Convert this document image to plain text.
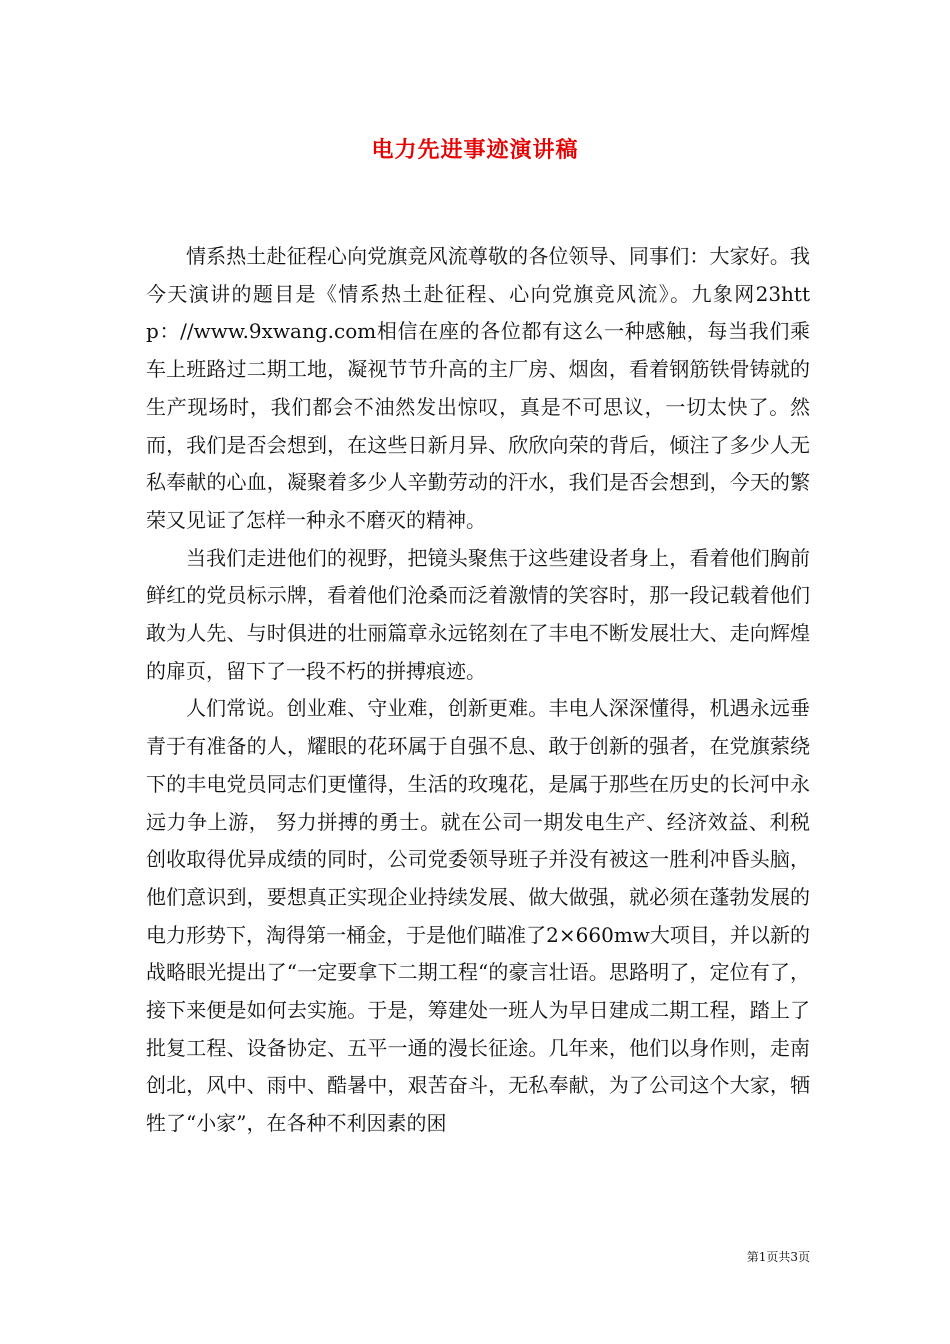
电力先进事迹演讲稿

情系热土赴征程心向党旗竞风流尊敬的各位领导、同事们：大家好。我今天演讲的题目是《情系热土赴征程、心向党旗竞风流》。九象网23http：//www.9xwang.com相信在座的各位都有这么一种感触，每当我们乘车上班路过二期工地，凝视节节升高的主厂房、烟囱，看着钢筋铁骨铸就的生产现场时，我们都会不油然发出惊叹，真是不可思议，一切太快了。然而，我们是否会想到，在这些日新月异、欣欣向荣的背后，倾注了多少人无私奉献的心血，凝聚着多少人辛勤劳动的汗水，我们是否会想到，今天的繁荣又见证了怎样一种永不磨灭的精神。

当我们走进他们的视野，把镜头聚焦于这些建设者身上，看着他们胸前鲜红的党员标示牌，看着他们沧桑而泛着激情的笑容时，那一段记载着他们敢为人先、与时俱进的壮丽篇章永远铭刻在了丰电不断发展壮大、走向辉煌的扉页，留下了一段不朽的拼搏痕迹。

人们常说。创业难、守业难，创新更难。丰电人深深懂得，机遇永远垂青于有准备的人，耀眼的花环属于自强不息、敢于创新的强者，在党旗萦绕下的丰电党员同志们更懂得，生活的玫瑰花，是属于那些在历史的长河中永远力争上游， 努力拼搏的勇士。就在公司一期发电生产、经济效益、利税创收取得优异成绩的同时，公司党委领导班子并没有被这一胜利冲昏头脑，他们意识到，要想真正实现企业持续发展、做大做强，就必须在蓬勃发展的电力形势下，淘得第一桶金，于是他们瞄准了2×660mw大项目，并以新的战略眼光提出了“一定要拿下二期工程“的豪言壮语。思路明了，定位有了，接下来便是如何去实施。于是，筹建处一班人为早日建成二期工程，踏上了批复工程、设备协定、五平一通的漫长征途。几年来，他们以身作则，走南创北，风中、雨中、酷暑中，艰苦奋斗，无私奉献，为了公司这个大家，牺牲了“小家”，在各种不利因素的困

第1页共3页
